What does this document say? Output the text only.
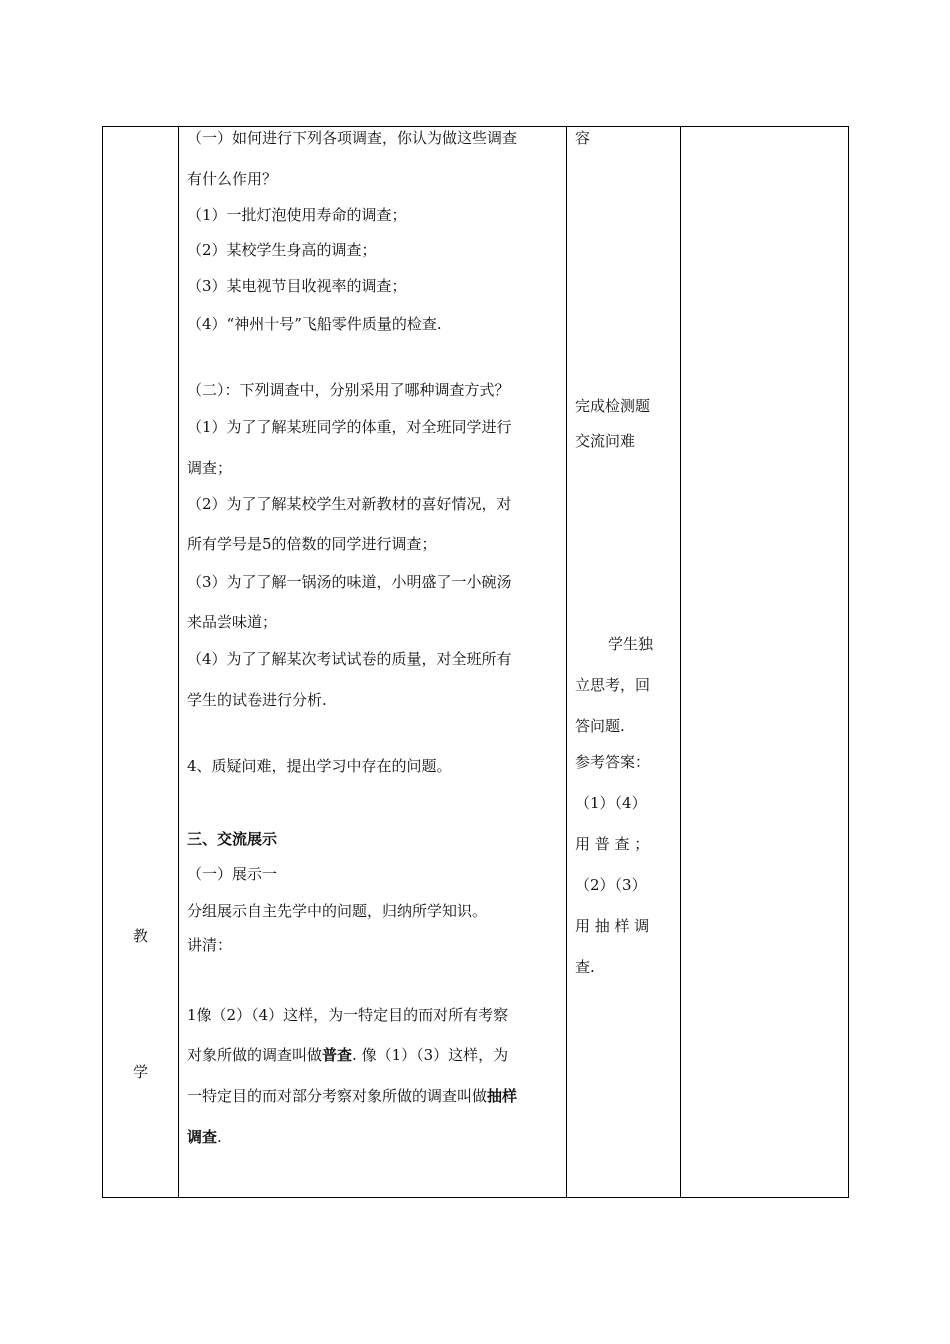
教
学
（一）如何进行下列各项调查，你认为做这些调查
有什么作用？
（1）一批灯泡使用寿命的调查；
（2）某校学生身高的调查；
（3）某电视节目收视率的调查；
（4）“神州十号”飞船零件质量的检查.
（二）：下列调查中，分别采用了哪种调查方式？
（1）为了了解某班同学的体重，对全班同学进行
调查；
（2）为了了解某校学生对新教材的喜好情况，对
所有学号是5的倍数的同学进行调查；
（3）为了了解一锅汤的味道，小明盛了一小碗汤
来品尝味道；
（4）为了了解某次考试试卷的质量，对全班所有
学生的试卷进行分析.
4、质疑问难，提出学习中存在的问题。
三、交流展示
（一）展示一
分组展示自主先学中的问题，归纳所学知识。
讲清：
1像（2）（4）这样，为一特定目的而对所有考察
对象所做的调查叫做普查. 像（1）（3）这样，为
一特定目的而对部分考察对象所做的调查叫做抽样
调查.
容
完成检测题
交流问难
学生独
立思考，回
答问题.
参考答案：
（1）（4）
用 普 查 ；
（2）（3）
用 抽 样 调
查.
